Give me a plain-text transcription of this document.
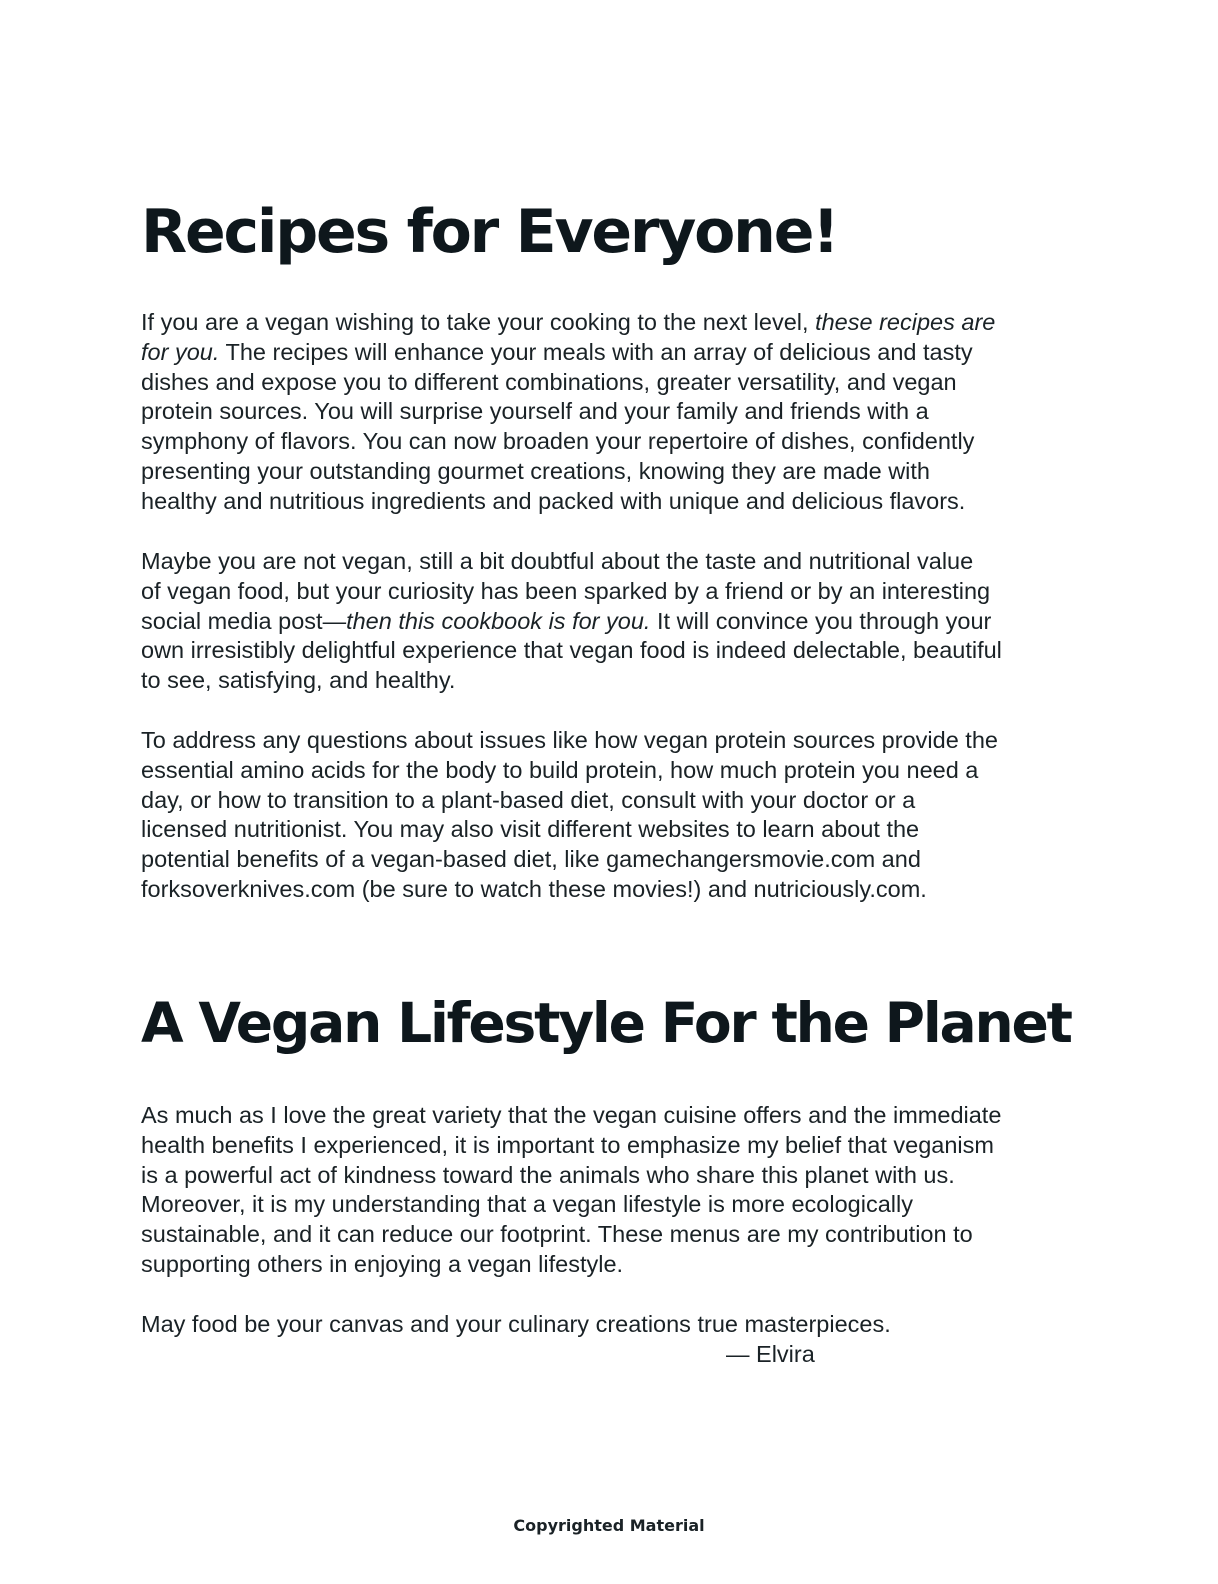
Recipes for Everyone!
If you are a vegan wishing to take your cooking to the next level, these recipes are
for you. The recipes will enhance your meals with an array of delicious and tasty
dishes and expose you to different combinations, greater versatility, and vegan
protein sources. You will surprise yourself and your family and friends with a
symphony of flavors. You can now broaden your repertoire of dishes, confidently
presenting your outstanding gourmet creations, knowing they are made with
healthy and nutritious ingredients and packed with unique and delicious flavors.
Maybe you are not vegan, still a bit doubtful about the taste and nutritional value
of vegan food, but your curiosity has been sparked by a friend or by an interesting
social media post—then this cookbook is for you. It will convince you through your
own irresistibly delightful experience that vegan food is indeed delectable, beautiful
to see, satisfying, and healthy.
To address any questions about issues like how vegan protein sources provide the
essential amino acids for the body to build protein, how much protein you need a
day, or how to transition to a plant-based diet, consult with your doctor or a
licensed nutritionist. You may also visit different websites to learn about the
potential benefits of a vegan-based diet, like gamechangersmovie.com and
forksoverknives.com (be sure to watch these movies!) and nutriciously.com.
A Vegan Lifestyle For the Planet
As much as I love the great variety that the vegan cuisine offers and the immediate
health benefits I experienced, it is important to emphasize my belief that veganism
is a powerful act of kindness toward the animals who share this planet with us.
Moreover, it is my understanding that a vegan lifestyle is more ecologically
sustainable, and it can reduce our footprint. These menus are my contribution to
supporting others in enjoying a vegan lifestyle.
May food be your canvas and your culinary creations true masterpieces.
— Elvira
Copyrighted Material
